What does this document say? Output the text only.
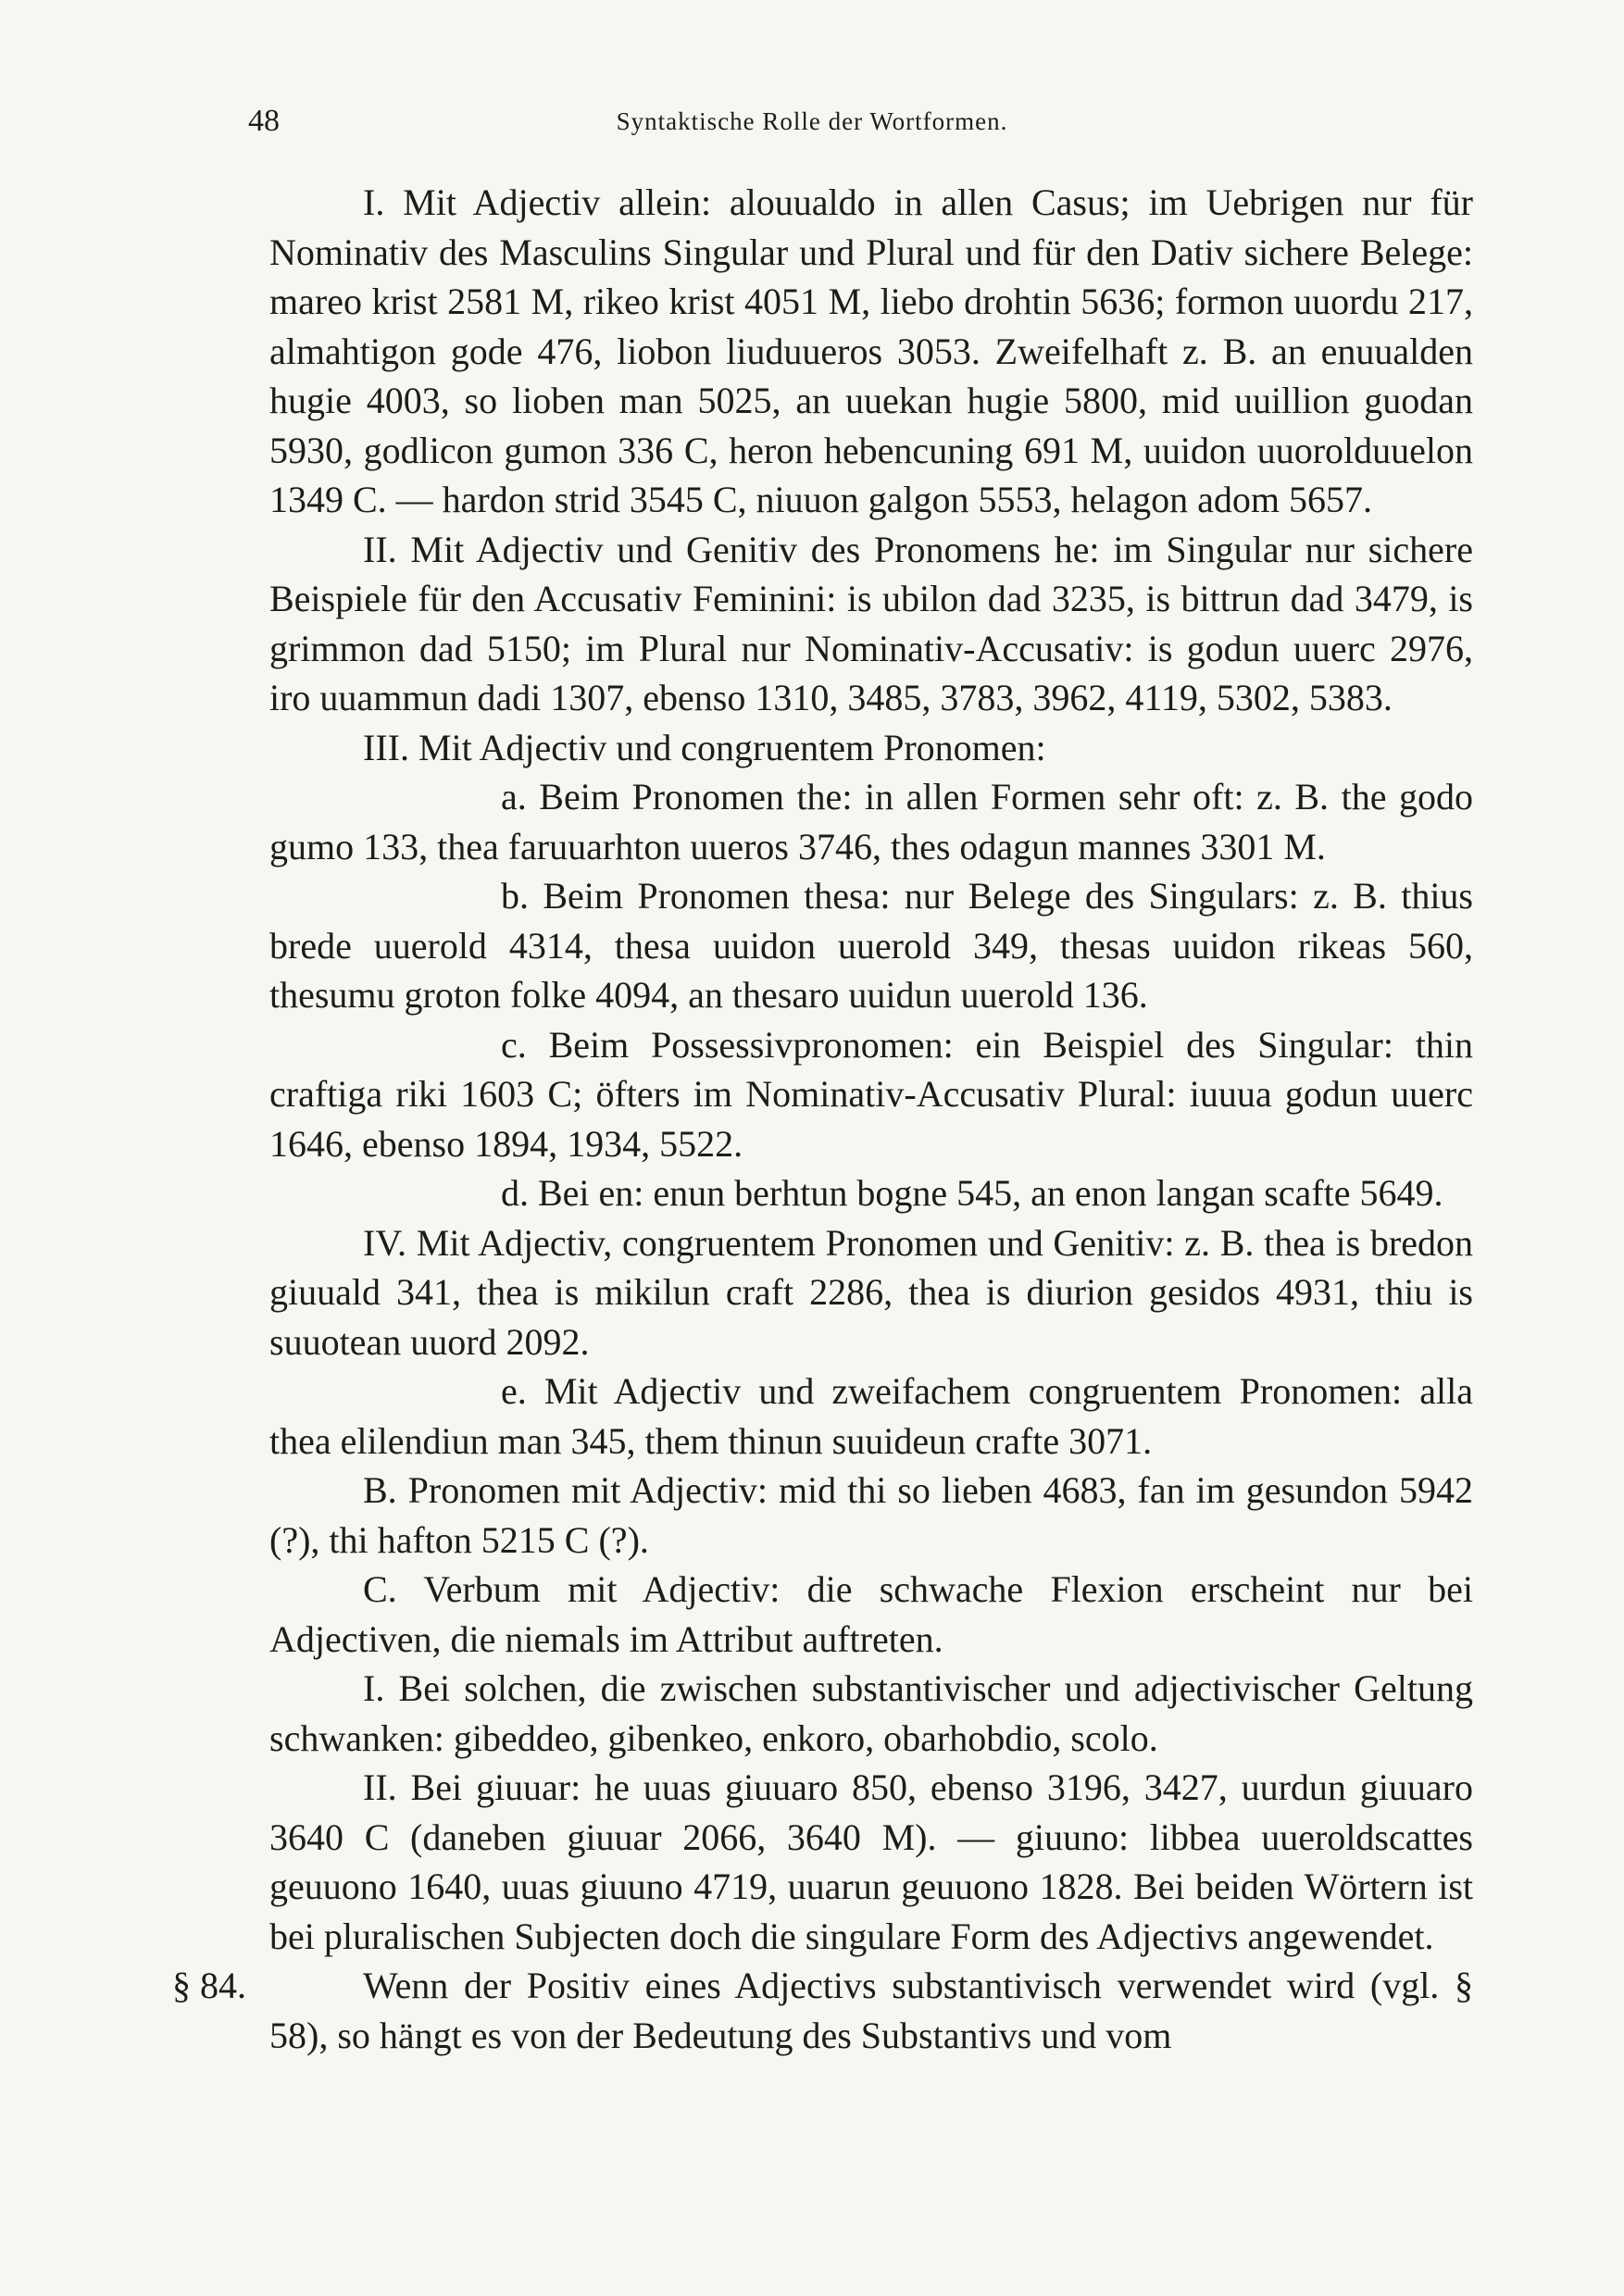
48	Syntaktische Rolle der Wortformen.

I. Mit Adjectiv allein: alouualdo in allen Casus; im Uebrigen nur für Nominativ des Masculins Singular und Plural und für den Dativ sichere Belege: mareo krist 2581 M, rikeo krist 4051 M, liebo drohtin 5636; formon uuordu 217, almahtigon gode 476, liobon liuduueros 3053. Zweifelhaft z. B. an enuualden hugie 4003, so lioben man 5025, an uuekan hugie 5800, mid uuillion guodan 5930, godlicon gumon 336 C, heron hebencuning 691 M, uuidon uuorolduuelon 1349 C. — hardon strid 3545 C, niuuon galgon 5553, helagon adom 5657.

II. Mit Adjectiv und Genitiv des Pronomens he: im Singular nur sichere Beispiele für den Accusativ Feminini: is ubilon dad 3235, is bittrun dad 3479, is grimmon dad 5150; im Plural nur Nominativ-Accusativ: is godun uuerc 2976, iro uuammun dadi 1307, ebenso 1310, 3485, 3783, 3962, 4119, 5302, 5383.

III. Mit Adjectiv und congruentem Pronomen:

a. Beim Pronomen the: in allen Formen sehr oft: z. B. the godo gumo 133, thea faruuarhton uueros 3746, thes odagun mannes 3301 M.

b. Beim Pronomen thesa: nur Belege des Singulars: z. B. thius brede uuerold 4314, thesa uuidon uuerold 349, thesas uuidon rikeas 560, thesumu groton folke 4094, an thesaro uuidun uuerold 136.

c. Beim Possessivpronomen: ein Beispiel des Singular: thin craftiga riki 1603 C; öfters im Nominativ-Accusativ Plural: iuuua godun uuerc 1646, ebenso 1894, 1934, 5522.

d. Bei en: enun berhtun bogne 545, an enon langan scafte 5649.

IV. Mit Adjectiv, congruentem Pronomen und Genitiv: z. B. thea is bredon giuuald 341, thea is mikilun craft 2286, thea is diurion gesidos 4931, thiu is suuotean uuord 2092.

e. Mit Adjectiv und zweifachem congruentem Pronomen: alla thea elilendiun man 345, them thinun suuideun crafte 3071.

B. Pronomen mit Adjectiv: mid thi so lieben 4683, fan im gesundon 5942 (?), thi hafton 5215 C (?).

C. Verbum mit Adjectiv: die schwache Flexion erscheint nur bei Adjectiven, die niemals im Attribut auftreten.

I. Bei solchen, die zwischen substantivischer und adjectivischer Geltung schwanken: gibeddeo, gibenkeo, enkoro, obarhobdio, scolo.

II. Bei giuuar: he uuas giuuaro 850, ebenso 3196, 3427, uurdun giuuaro 3640 C (daneben giuuar 2066, 3640 M). — giuuno: libbea uueroldscattes geuuono 1640, uuas giuuno 4719, uuarun geuuono 1828. Bei beiden Wörtern ist bei pluralischen Subjecten doch die singulare Form des Adjectivs angewendet.

§ 84.	Wenn der Positiv eines Adjectivs substantivisch verwendet wird (vgl. § 58), so hängt es von der Bedeutung des Substantivs und vom
